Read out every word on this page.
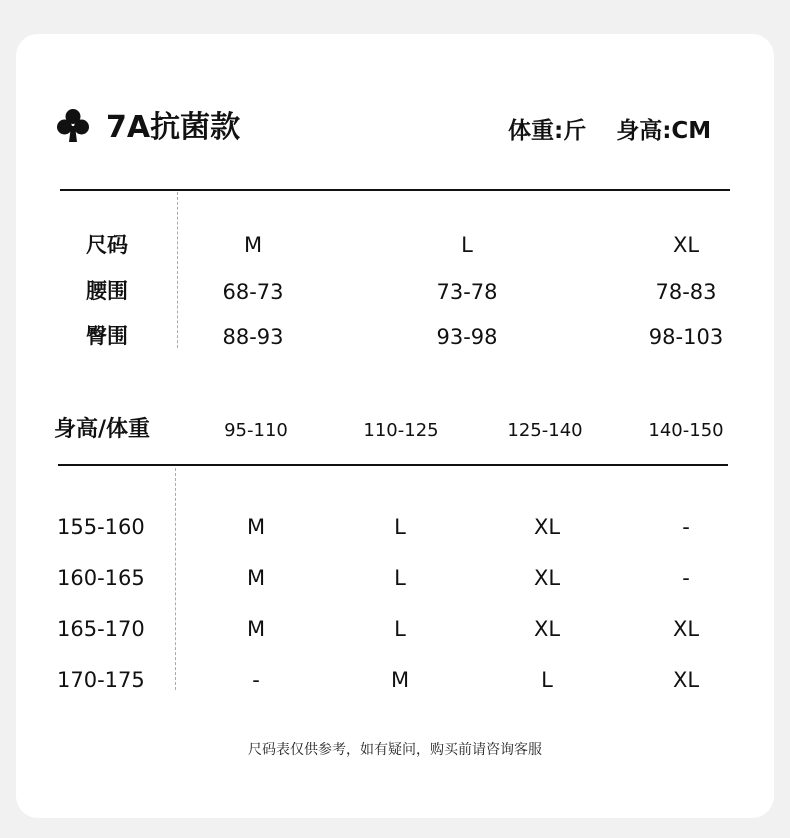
7A抗菌款	体重:斤 身高:CM
尺码	M	L	XL
腰围	68-73	73-78	78-83
臀围	88-93	93-98	98-103
身高/体重	95-110	110-125	125-140	140-150
155-160	M	L	XL	-
160-165	M	L	XL	-
165-170	M	L	XL	XL
170-175	-	M	L	XL
尺码表仅供参考，如有疑问，购买前请咨询客服
